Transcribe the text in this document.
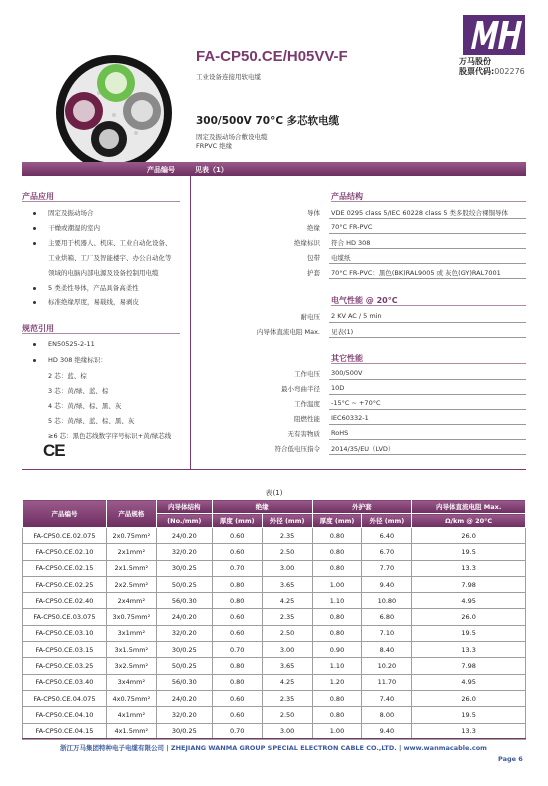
FA-CP50.CE/H05VV-F
工业设备连接用软电缆
万马股份
股票代码:002276
300/500V 70°C 多芯软电缆
固定及振动场合敷设电缆
FRPVC 绝缘
产品编号	见表（1）
产品应用
固定及振动场合
干燥或潮湿的室内
主要用于机器人、机床、工业自动化设备、
工业烘箱、工厂及智能楼宇、办公自动化等
领域的电脑内部电源及设备控制用电缆
5 类柔性导体，产品具备高柔性
标准绝缘厚度，易载线，易剥皮
规范引用
EN50525-2-11
HD 308 绝缘标识：
2 芯：蓝、棕
3 芯：黄/绿、蓝、棕
4 芯：黄/绿、棕、黑、灰
5 芯：黄/绿、蓝、棕、黑、灰
≥6 芯：黑色芯线数字序号标识+黄/绿芯线
CE
产品结构
导体 VDE 0295 class 5/IEC 60228 class 5 类多股绞合裸铜导体
绝缘 70°C FR-PVC
绝缘标识 符合 HD 308
包带 电缆纸
护套 70°C FR-PVC：黑色(BK)RAL9005 或 灰色(GY)RAL7001
电气性能 @ 20°C
耐电压 2 KV AC / 5 min
内导体直流电阻 Max. 见表(1)
其它性能
工作电压 300/500V
最小弯曲半径 10D
工作温度 -15°C ~ +70°C
阻燃性能 IEC60332-1
无有害物质 RoHS
符合低电压指令 2014/35/EU（LVD）
表(1)
产品编号	产品规格	内导体结构	绝缘		外护套		内导体直流电阻 Max.
		(No./mm)	厚度 (mm)	外径 (mm)	厚度 (mm)	外径 (mm)	Ω/km @ 20°C
FA-CP50.CE.02.075	2x0.75mm²	24/0.20	0.60	2.35	0.80	6.40	26.0
FA-CP50.CE.02.10	2x1mm²	32/0.20	0.60	2.50	0.80	6.70	19.5
FA-CP50.CE.02.15	2x1.5mm²	30/0.25	0.70	3.00	0.80	7.70	13.3
FA-CP50.CE.02.25	2x2.5mm²	50/0.25	0.80	3.65	1.00	9.40	7.98
FA-CP50.CE.02.40	2x4mm²	56/0.30	0.80	4.25	1.10	10.80	4.95
FA-CP50.CE.03.075	3x0.75mm²	24/0.20	0.60	2.35	0.80	6.80	26.0
FA-CP50.CE.03.10	3x1mm²	32/0.20	0.60	2.50	0.80	7.10	19.5
FA-CP50.CE.03.15	3x1.5mm²	30/0.25	0.70	3.00	0.90	8.40	13.3
FA-CP50.CE.03.25	3x2.5mm²	50/0.25	0.80	3.65	1.10	10.20	7.98
FA-CP50.CE.03.40	3x4mm²	56/0.30	0.80	4.25	1.20	11.70	4.95
FA-CP50.CE.04.075	4x0.75mm²	24/0.20	0.60	2.35	0.80	7.40	26.0
FA-CP50.CE.04.10	4x1mm²	32/0.20	0.60	2.50	0.80	8.00	19.5
FA-CP50.CE.04.15	4x1.5mm²	30/0.25	0.70	3.00	1.00	9.40	13.3
浙江万马集团特种电子电缆有限公司 | ZHEJIANG WANMA GROUP SPECIAL ELECTRON CABLE CO.,LTD. | www.wanmacable.com
Page 6
